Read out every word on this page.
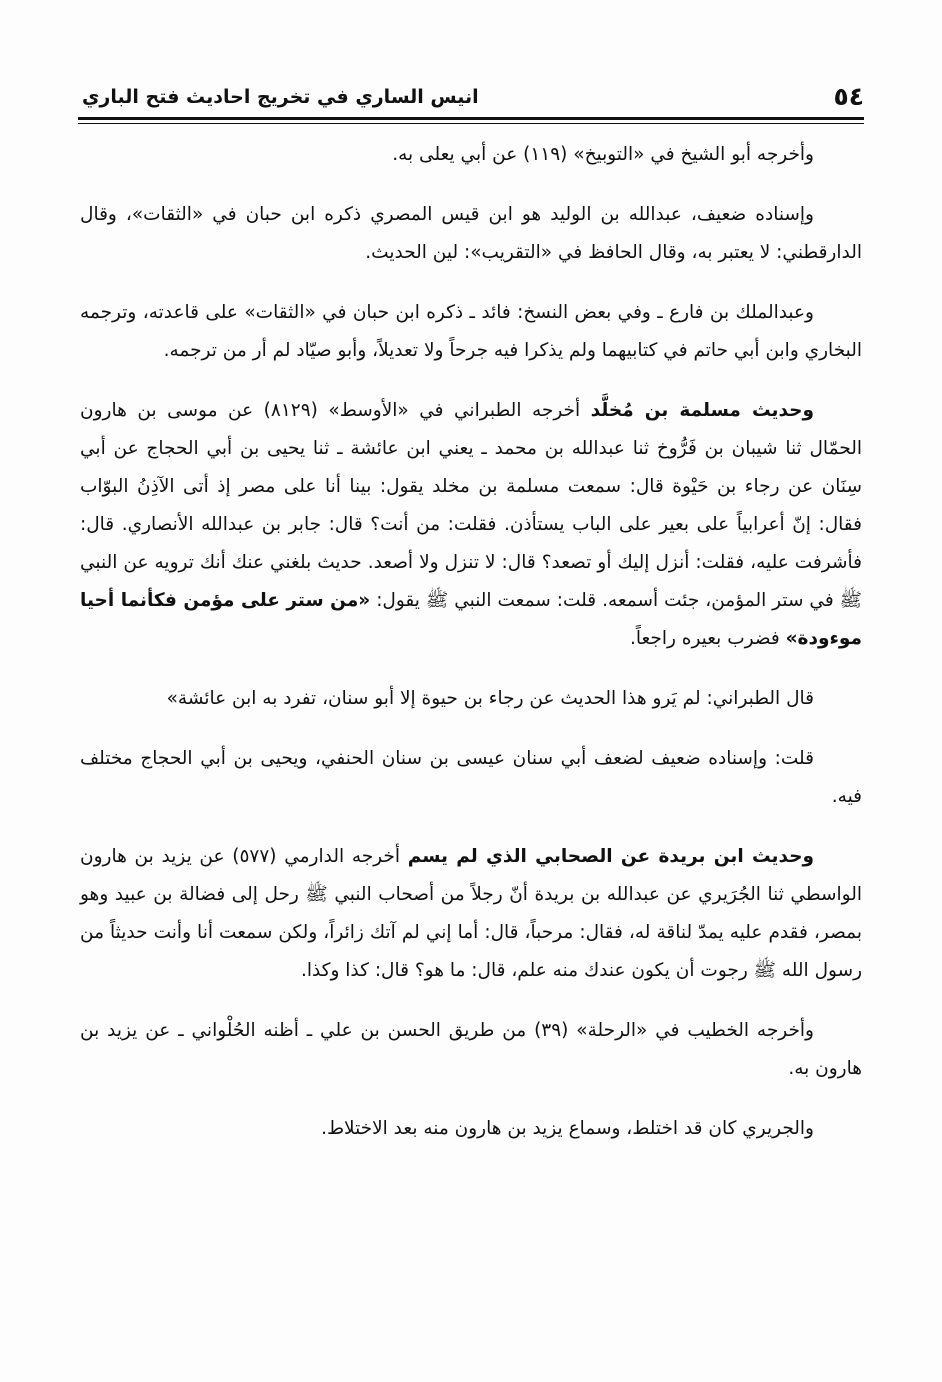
٥٤
انيس الساري في تخريج احاديث فتح الباري

وأخرجه أبو الشيخ في «التوبيخ» (١١٩) عن أبي يعلى به.

وإسناده ضعيف، عبدالله بن الوليد هو ابن قيس المصري ذكره ابن حبان في «الثقات»، وقال الدارقطني: لا يعتبر به، وقال الحافظ في «التقريب»: لين الحديث.

وعبدالملك بن فارع ـ وفي بعض النسخ: فائد ـ ذكره ابن حبان في «الثقات» على قاعدته، وترجمه البخاري وابن أبي حاتم في كتابيهما ولم يذكرا فيه جرحاً ولا تعديلاً، وأبو صيّاد لم أر من ترجمه.

وحديث مسلمة بن مُخلَّد أخرجه الطبراني في «الأوسط» (٨١٢٩) عن موسى بن هارون الحمّال ثنا شيبان بن فَرُّوخ ثنا عبدالله بن محمد ـ يعني ابن عائشة ـ ثنا يحيى بن أبي الحجاج عن أبي سِنَان عن رجاء بن حَيْوة قال: سمعت مسلمة بن مخلد يقول: بينا أنا على مصر إذ أتى الآذِنُ البوّاب فقال: إنّ أعرابياً على بعير على الباب يستأذن. فقلت: من أنت؟ قال: جابر بن عبدالله الأنصاري. قال: فأشرفت عليه، فقلت: أنزل إليك أو تصعد؟ قال: لا تنزل ولا أصعد. حديث بلغني عنك أنك ترويه عن النبي ﷺ في ستر المؤمن، جئت أسمعه. قلت: سمعت النبي ﷺ يقول: «من ستر على مؤمن فكأنما أحيا موءودة» فضرب بعيره راجعاً.

قال الطبراني: لم يَرو هذا الحديث عن رجاء بن حيوة إلا أبو سنان، تفرد به ابن عائشة»

قلت: وإسناده ضعيف لضعف أبي سنان عيسى بن سنان الحنفي، ويحيى بن أبي الحجاج مختلف فيه.

وحديث ابن بريدة عن الصحابي الذي لم يسم أخرجه الدارمي (٥٧٧) عن يزيد بن هارون الواسطي ثنا الجُرَيري عن عبدالله بن بريدة أنّ رجلاً من أصحاب النبي ﷺ رحل إلى فضالة بن عبيد وهو بمصر، فقدم عليه يمدّ لناقة له، فقال: مرحباً، قال: أما إني لم آتك زائراً، ولكن سمعت أنا وأنت حديثاً من رسول الله ﷺ رجوت أن يكون عندك منه علم، قال: ما هو؟ قال: كذا وكذا.

وأخرجه الخطيب في «الرحلة» (٣٩) من طريق الحسن بن علي ـ أظنه الحُلْواني ـ عن يزيد بن هارون به.

والجريري كان قد اختلط، وسماع يزيد بن هارون منه بعد الاختلاط.
